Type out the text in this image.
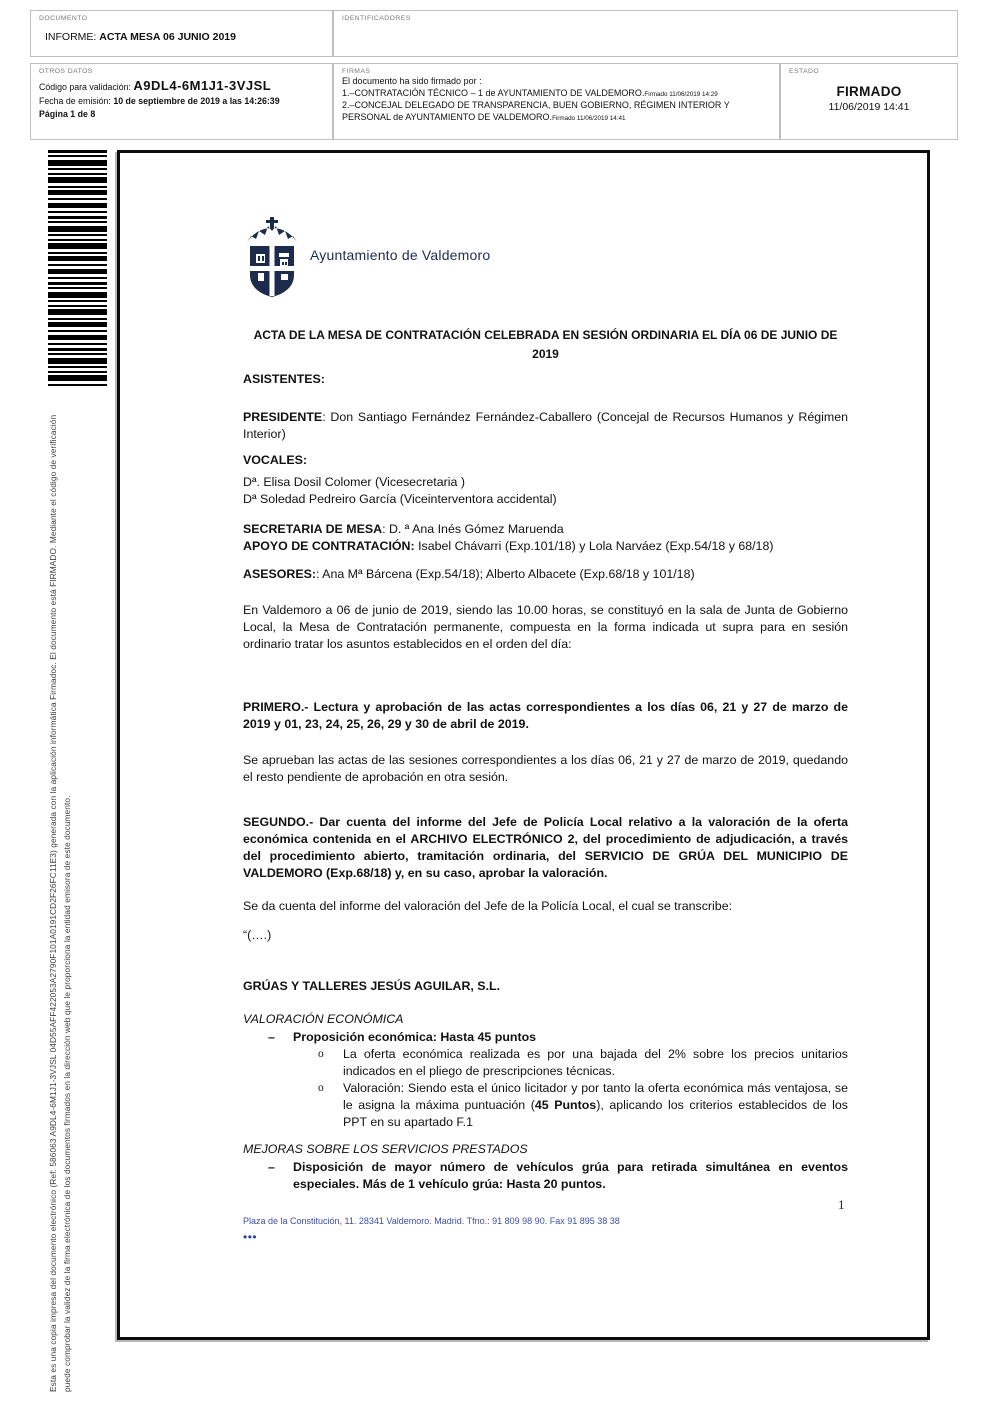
DOCUMENTO
INFORME: ACTA MESA 06 JUNIO 2019
IDENTIFICADORES
OTROS DATOS
Código para validación: A9DL4-6M1J1-3VJSL
Fecha de emisión: 10 de septiembre de 2019 a las 14:26:39
Página 1 de 8
FIRMAS
El documento ha sido firmado por :
1.–CONTRATACIÓN TÉCNICO – 1 de AYUNTAMIENTO DE VALDEMORO.Firmado 11/06/2019 14:29
2.–CONCEJAL DELEGADO DE TRANSPARENCIA, BUEN GOBIERNO, RÉGIMEN INTERIOR Y PERSONAL de AYUNTAMIENTO DE VALDEMORO.Firmado 11/06/2019 14:41
ESTADO
FIRMADO
11/06/2019 14:41
Esta es una copia impresa del documento electrónico (Ref: 586063 A9DL4-6M1J1-3VJSL 04D55AFF422053A2790F101A0191CD2F26FC11E3) generada con la aplicación informática Firmadoc. El documento está FIRMADO. Mediante el código de verificación puede comprobar la validez de la firma electrónica de los documentos firmados en la dirección web que le proporciona la entidad emisora de este documento.
Ayuntamiento de Valdemoro
ACTA DE LA MESA DE CONTRATACIÓN CELEBRADA EN SESIÓN ORDINARIA EL DÍA 06 DE JUNIO DE 2019

ASISTENTES:

PRESIDENTE: Don Santiago Fernández Fernández-Caballero (Concejal de Recursos Humanos y Régimen Interior)

VOCALES:

Dª. Elisa Dosil Colomer (Vicesecretaria )
Dª Soledad Pedreiro García (Viceinterventora accidental)

SECRETARIA DE MESA: D. ª Ana Inés Gómez Maruenda
APOYO DE CONTRATACIÓN: Isabel Chávarri (Exp.101/18) y Lola Narváez (Exp.54/18 y 68/18)

ASESORES:: Ana Mª Bárcena (Exp.54/18); Alberto Albacete (Exp.68/18 y 101/18)

En Valdemoro a 06 de junio de 2019, siendo las 10.00 horas, se constituyó en la sala de Junta de Gobierno Local, la Mesa de Contratación permanente, compuesta en la forma indicada ut supra para en sesión ordinario tratar los asuntos establecidos en el orden del día:

PRIMERO.- Lectura y aprobación de las actas correspondientes a los días 06, 21 y 27 de marzo de 2019 y 01, 23, 24, 25, 26, 29 y 30 de abril de 2019.

Se aprueban las actas de las sesiones correspondientes a los días 06, 21 y 27 de marzo de 2019, quedando el resto pendiente de aprobación en otra sesión.

SEGUNDO.- Dar cuenta del informe del Jefe de Policía Local relativo a la valoración de la oferta económica contenida en el ARCHIVO ELECTRÓNICO 2, del procedimiento de adjudicación, a través del procedimiento abierto, tramitación ordinaria, del SERVICIO DE GRÚA DEL MUNICIPIO DE VALDEMORO (Exp.68/18) y, en su caso, aprobar la valoración.

Se da cuenta del informe del valoración del Jefe de la Policía Local, el cual se transcribe:

“(….)

GRÚAS Y TALLERES JESÚS AGUILAR, S.L.

VALORACIÓN ECONÓMICA

– Proposición económica: Hasta 45 puntos
o La oferta económica realizada es por una bajada del 2% sobre los precios unitarios indicados en el pliego de prescripciones técnicas.
o Valoración: Siendo esta el único licitador y por tanto la oferta económica más ventajosa, se le asigna la máxima puntuación (45 Puntos), aplicando los criterios establecidos de los PPT en su apartado F.1

MEJORAS SOBRE LOS SERVICIOS PRESTADOS

– Disposición de mayor número de vehículos grúa para retirada simultánea en eventos especiales. Más de 1 vehículo grúa: Hasta 20 puntos.
1
Plaza de la Constitución, 11. 28341 Valdemoro. Madrid. Tfno.: 91 809 98 90. Fax 91 895 38 38
•••
